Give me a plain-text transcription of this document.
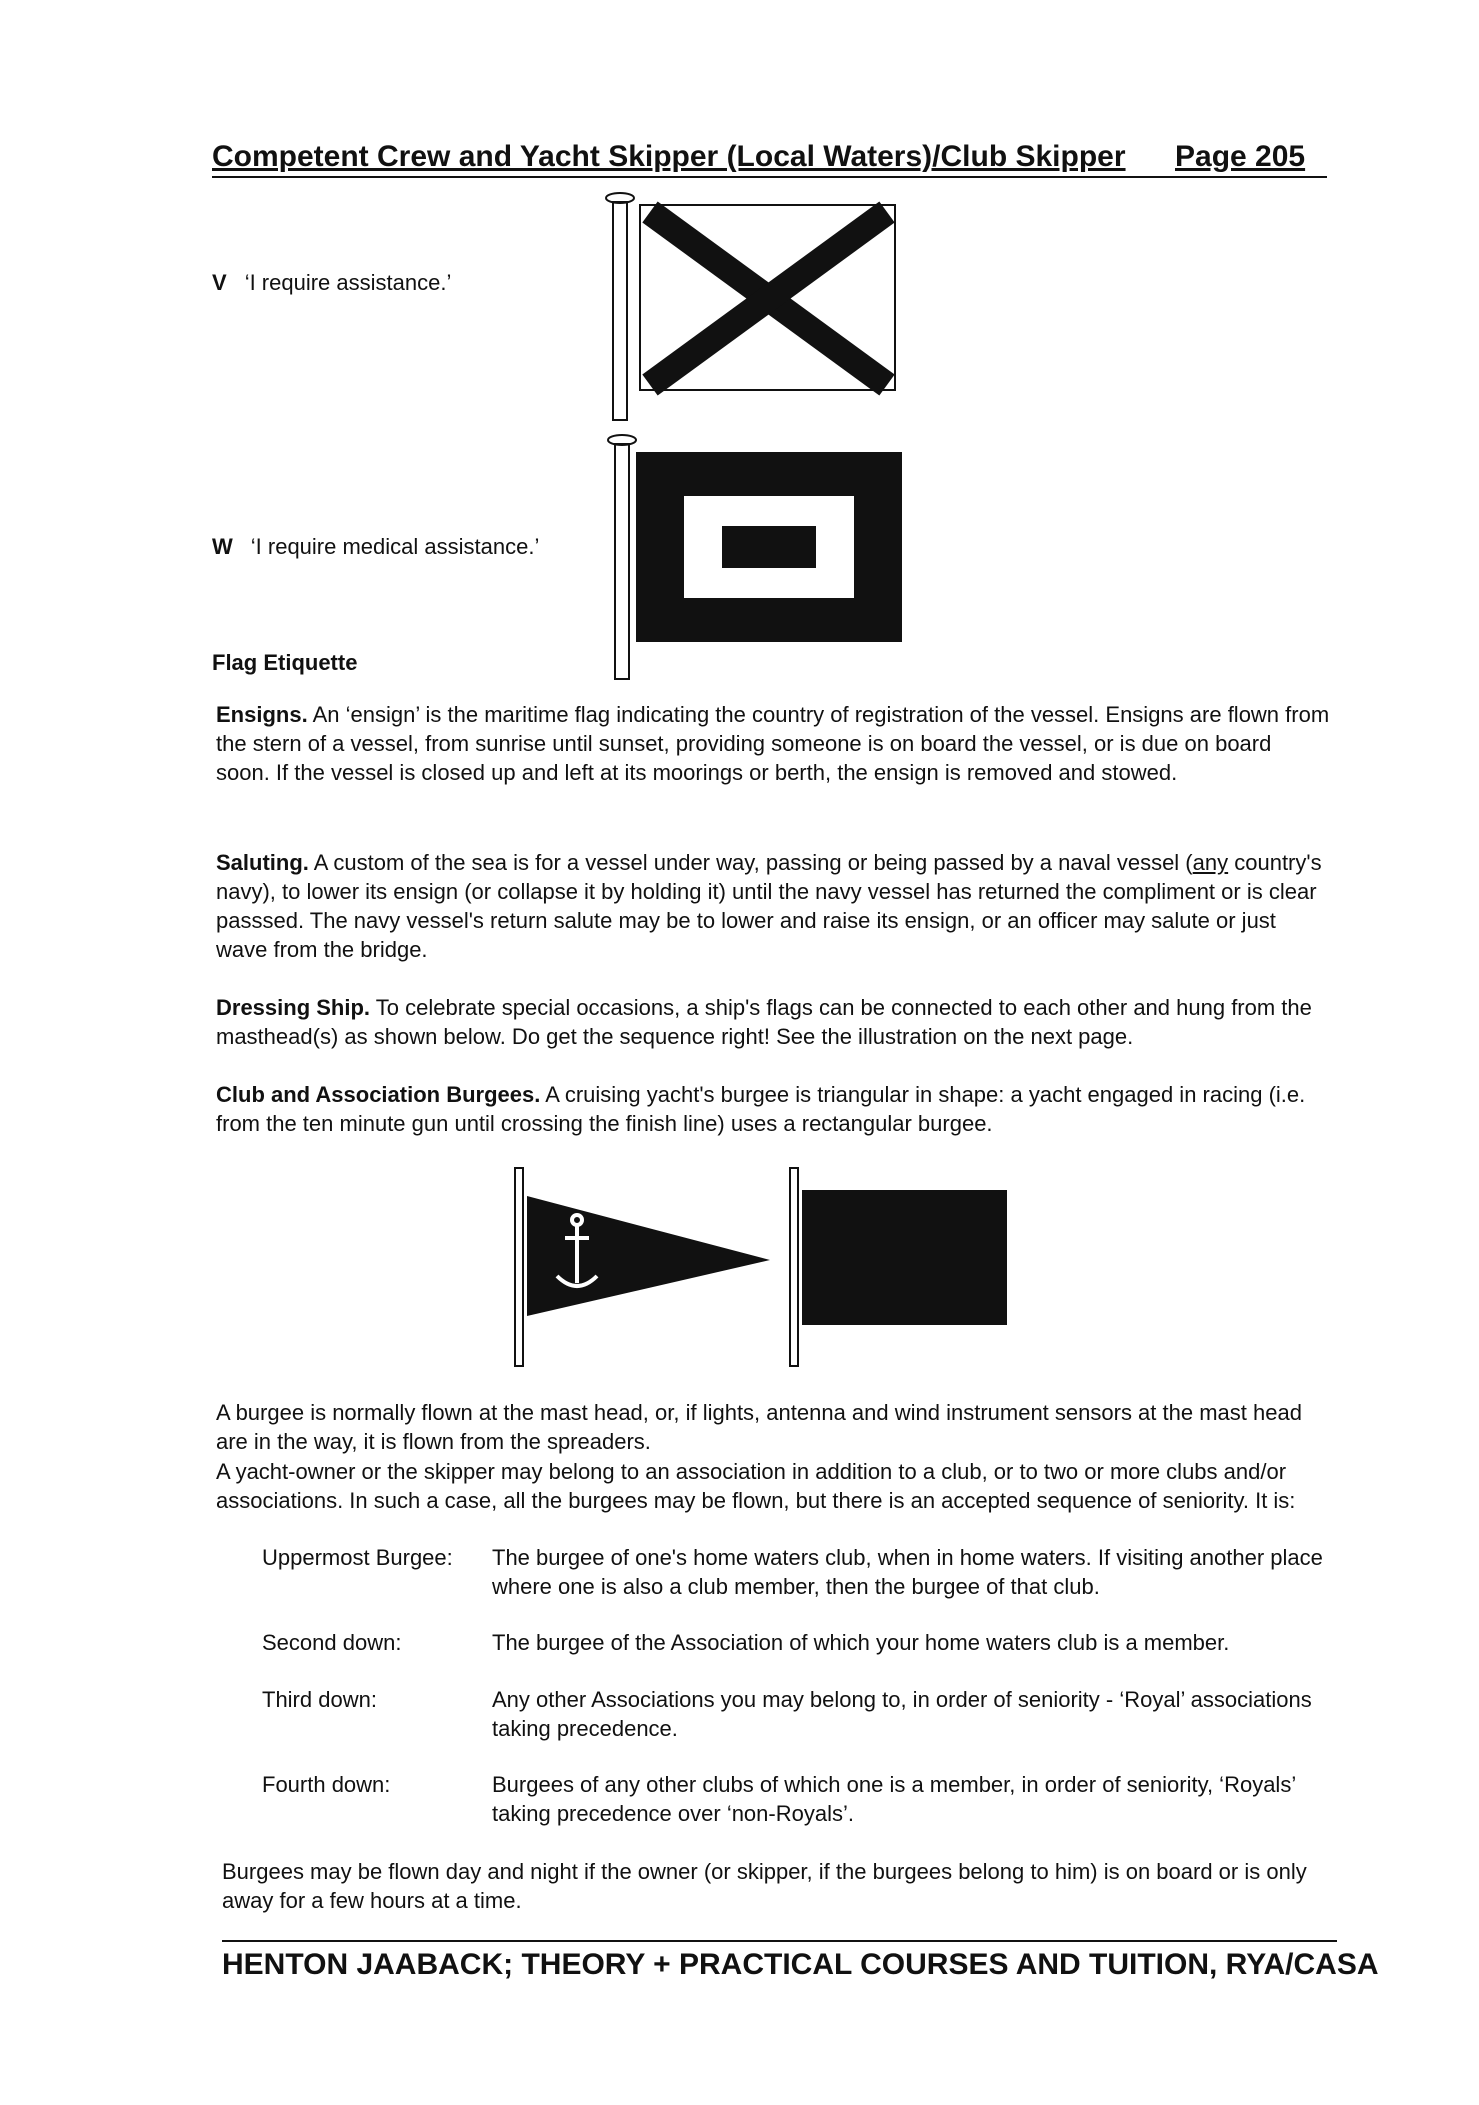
Competent Crew and Yacht Skipper (Local Waters)/Club Skipper Page 205
V ‘I require assistance.’
W ‘I require medical assistance.’
Flag Etiquette
Ensigns. An ‘ensign’ is the maritime flag indicating the country of registration of the vessel. Ensigns are flown from the stern of a vessel, from sunrise until sunset, providing someone is on board the vessel, or is due on board soon. If the vessel is closed up and left at its moorings or berth, the ensign is removed and stowed.
Saluting. A custom of the sea is for a vessel under way, passing or being passed by a naval vessel (any country's navy), to lower its ensign (or collapse it by holding it) until the navy vessel has returned the compliment or is clear passsed. The navy vessel's return salute may be to lower and raise its ensign, or an officer may salute or just wave from the bridge.
Dressing Ship. To celebrate special occasions, a ship's flags can be connected to each other and hung from the masthead(s) as shown below. Do get the sequence right! See the illustration on the next page.
Club and Association Burgees. A cruising yacht's burgee is triangular in shape: a yacht engaged in racing (i.e. from the ten minute gun until crossing the finish line) uses a rectangular burgee.
A burgee is normally flown at the mast head, or, if lights, antenna and wind instrument sensors at the mast head are in the way, it is flown from the spreaders.
A yacht-owner or the skipper may belong to an association in addition to a club, or to two or more clubs and/or associations. In such a case, all the burgees may be flown, but there is an accepted sequence of seniority. It is:
Uppermost Burgee: The burgee of one's home waters club, when in home waters. If visiting another place where one is also a club member, then the burgee of that club.
Second down:	The burgee of the Association of which your home waters club is a member.
Third down:	Any other Associations you may belong to, in order of seniority - ‘Royal’ associations taking precedence.
Fourth down:	Burgees of any other clubs of which one is a member, in order of seniority, ‘Royals’ taking precedence over ‘non-Royals’.
Burgees may be flown day and night if the owner (or skipper, if the burgees belong to him) is on board or is only away for a few hours at a time.
HENTON JAABACK; THEORY + PRACTICAL COURSES AND TUITION, RYA/CASA
